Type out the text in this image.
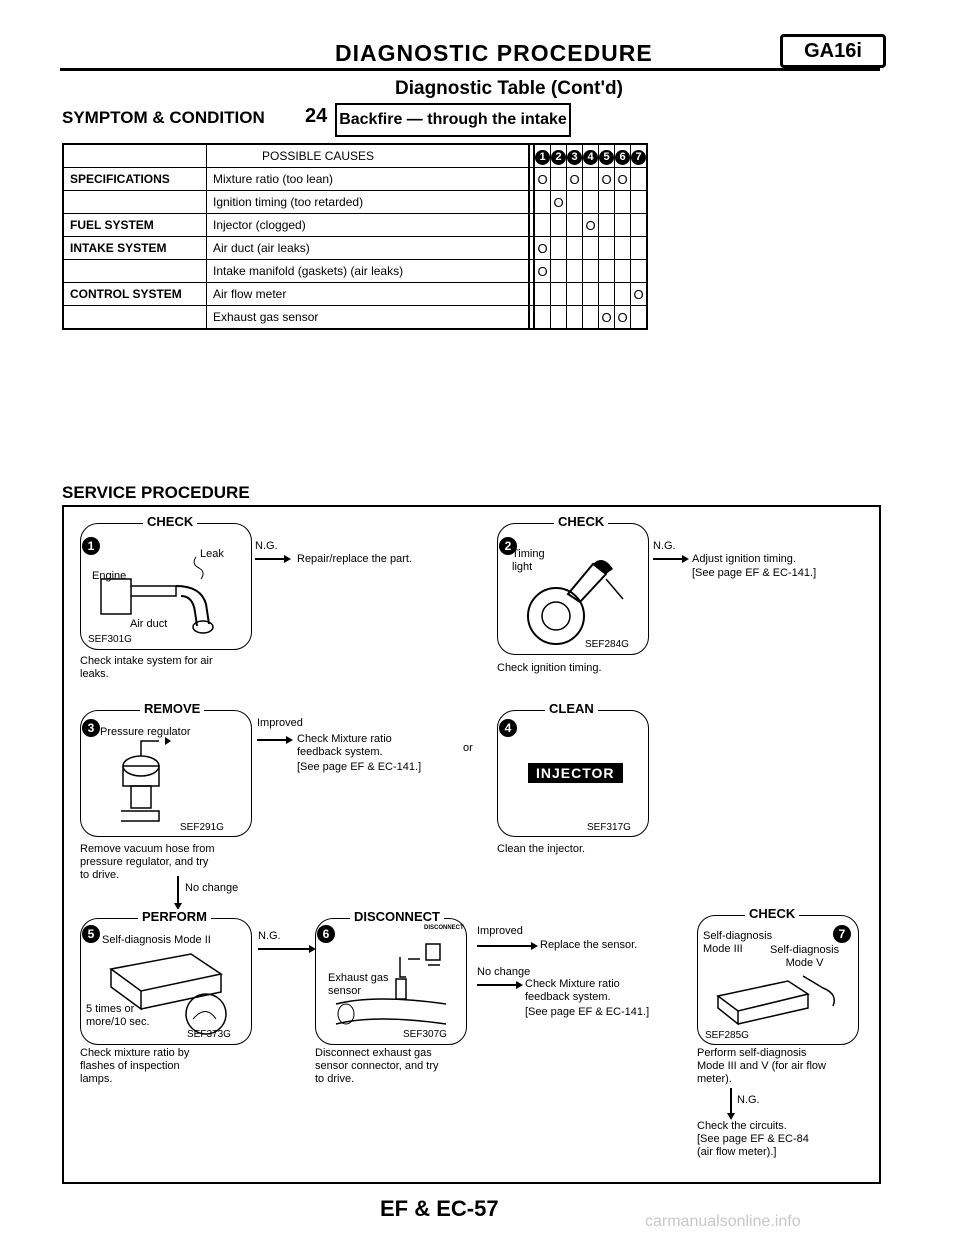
DIAGNOSTIC PROCEDURE	GA16i
Diagnostic Table (Cont'd)
SYMPTOM & CONDITION 24 Backfire — through the intake
	POSSIBLE CAUSES		1	2	3	4	5	6	7
SPECIFICATIONS	Mixture ratio (too lean)		O		O		O	O	
	Ignition timing (too retarded)			O					
FUEL SYSTEM	Injector (clogged)					O			
INTAKE SYSTEM	Air duct (air leaks)		O						
	Intake manifold (gaskets) (air leaks)		O						
CONTROL SYSTEM	Air flow meter								O
	Exhaust gas sensor						O	O	
SERVICE PROCEDURE
1
CHECK
Leak
Engine
Air duct
SEF301G
Check intake system for air
leaks.
N.G.
Repair/replace the part.
2
CHECK
Timing
light
SEF284G
Check ignition timing.
N.G.
Adjust ignition timing.
[See page EF & EC-141.]
3
REMOVE
Pressure regulator
SEF291G
Remove vacuum hose from
pressure regulator, and try
to drive.
Improved
Check Mixture ratio
feedback system.
[See page EF & EC-141.]
or
No change
4
CLEAN
INJECTOR
SEF317G
Clean the injector.
5
PERFORM
Self-diagnosis Mode II
5 times or
more/10 sec.
SEF373G
Check mixture ratio by
flashes of inspection
lamps.
N.G.	6
DISCONNECT
DISCONNECT
Exhaust gas
sensor
SEF307G
Disconnect exhaust gas
sensor connector, and try
to drive.
Improved
Replace the sensor.
No change
Check Mixture ratio
feedback system.
[See page EF & EC-141.]
7
CHECK
Self-diagnosis
Mode III	Self-diagnosis
Mode V
SEF285G
Perform self-diagnosis
Mode III and V (for air flow
meter).
N.G.
Check the circuits.
[See page EF & EC-84
(air flow meter).]
EF & EC-57
carmanualsonline.info
